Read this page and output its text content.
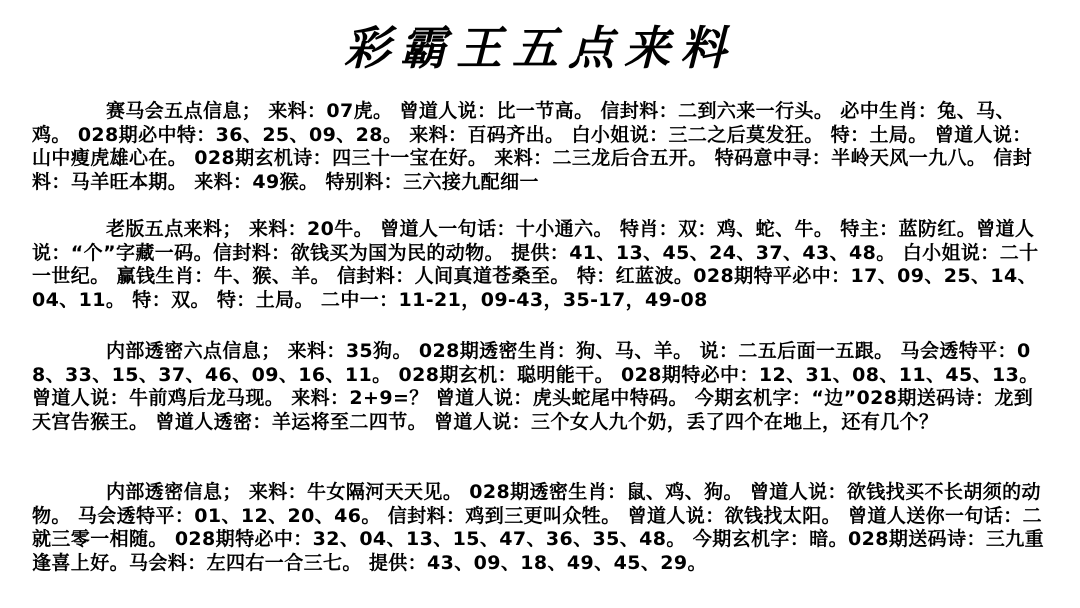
彩霸王五点来料
赛马会五点信息； 来料：07虎。 曾道人说：比一节高。 信封料：二到六来一行头。 必中生肖：兔、马、鸡。 028期必中特：36、25、09、28。 来料：百码齐出。 白小姐说：三二之后莫发狂。 特：土局。 曾道人说：山中瘦虎雄心在。 028期玄机诗：四三十一宝在好。 来料：二三龙后合五开。 特码意中寻：半岭天风一九八。 信封料：马羊旺本期。 来料：49猴。 特别料：三六接九配细一
老版五点来料； 来料：20牛。 曾道人一句话：十小通六。 特肖：双：鸡、蛇、牛。 特主：蓝防红。曾道人说：“个”字藏一码。信封料：欲钱买为国为民的动物。 提供：41、13、45、24、37、43、48。 白小姐说：二十一世纪。 赢钱生肖：牛、猴、羊。 信封料：人间真道苍桑至。 特：红蓝波。028期特平必中：17、09、25、14、04、11。 特：双。 特：土局。 二中一：11-21，09-43，35-17，49-08
内部透密六点信息； 来料：35狗。 028期透密生肖：狗、马、羊。 说：二五后面一五跟。 马会透特平：08、33、15、37、46、09、16、11。 028期玄机：聪明能干。 028期特必中：12、31、08、11、45、13。曾道人说：牛前鸡后龙马现。 来料：2+9=？ 曾道人说：虎头蛇尾中特码。 今期玄机字：“边”028期送码诗：龙到天宫告猴王。 曾道人透密：羊运将至二四节。 曾道人说：三个女人九个奶，丢了四个在地上，还有几个？
内部透密信息； 来料：牛女隔河天天见。 028期透密生肖：鼠、鸡、狗。 曾道人说：欲钱找买不长胡须的动物。 马会透特平：01、12、20、46。 信封料：鸡到三更叫众牲。 曾道人说：欲钱找太阳。 曾道人送你一句话：二就三零一相随。 028期特必中：32、04、13、15、47、36、35、48。 今期玄机字：暗。028期送码诗：三九重逢喜上好。马会料：左四右一合三七。 提供：43、09、18、49、45、29。
